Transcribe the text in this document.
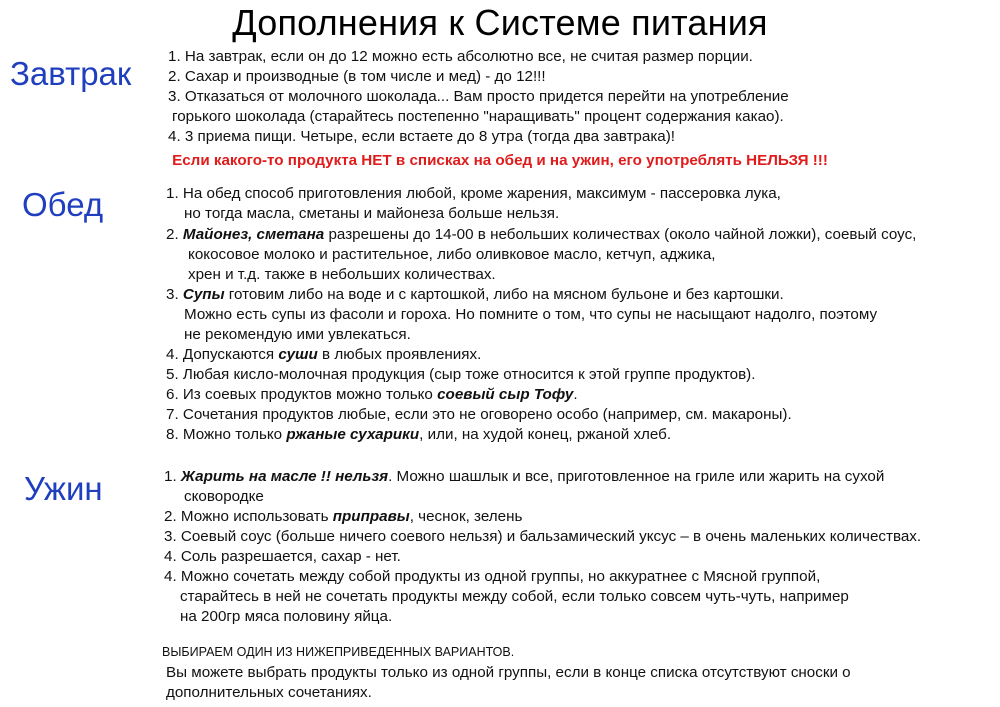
Дополнения к Системе питания
Завтрак
Обед
Ужин
1. На завтрак, если он до 12 можно есть абсолютно все, не считая размер порции.
2. Сахар и производные (в том числе и мед) - до 12!!!
3. Отказаться от молочного шоколада... Вам просто придется перейти на употребление
горького шоколада (старайтесь постепенно "наращивать" процент содержания какао).
4. 3 приема пищи. Четыре, если встаете до 8 утра (тогда два завтрака)!
Если какого-то продукта НЕТ в списках на обед и на ужин, его употреблять НЕЛЬЗЯ !!!
1. На обед способ приготовления любой, кроме жарения, максимум - пассеровка лука,
но тогда масла, сметаны и майонеза больше нельзя.
2. Майонез, сметана разрешены до 14-00 в небольших количествах (около чайной ложки), соевый соус,
кокосовое молоко и растительное, либо оливковое масло, кетчуп, аджика,
хрен и т.д. также в небольших количествах.
3. Супы готовим либо на воде и с картошкой, либо на мясном бульоне и без картошки.
Можно есть супы из фасоли и гороха. Но помните о том, что супы не насыщают надолго, поэтому
не рекомендую ими увлекаться.
4. Допускаются суши в любых проявлениях.
5. Любая кисло-молочная продукция (сыр тоже относится к этой группе продуктов).
6. Из соевых продуктов можно только соевый сыр Тофу.
7. Сочетания продуктов любые, если это не оговорено особо (например, см. макароны).
8. Можно только ржаные сухарики, или, на худой конец, ржаной хлеб.
1. Жарить на масле !! нельзя. Можно шашлык и все, приготовленное на гриле или жарить на сухой
сковородке
2. Можно использовать приправы, чеснок, зелень
3. Соевый соус (больше ничего соевого нельзя) и бальзамический уксус – в очень маленьких количествах.
4. Соль разрешается, сахар - нет.
4. Можно сочетать между собой продукты из одной группы, но аккуратнее с Мясной группой,
старайтесь в ней не сочетать продукты между собой, если только совсем чуть-чуть, например
на 200гр мяса половину яйца.
ВЫБИРАЕМ ОДИН ИЗ НИЖЕПРИВЕДЕННЫХ ВАРИАНТОВ.
Вы можете выбрать продукты только из одной группы, если в конце списка отсутствуют сноски о
дополнительных сочетаниях.
